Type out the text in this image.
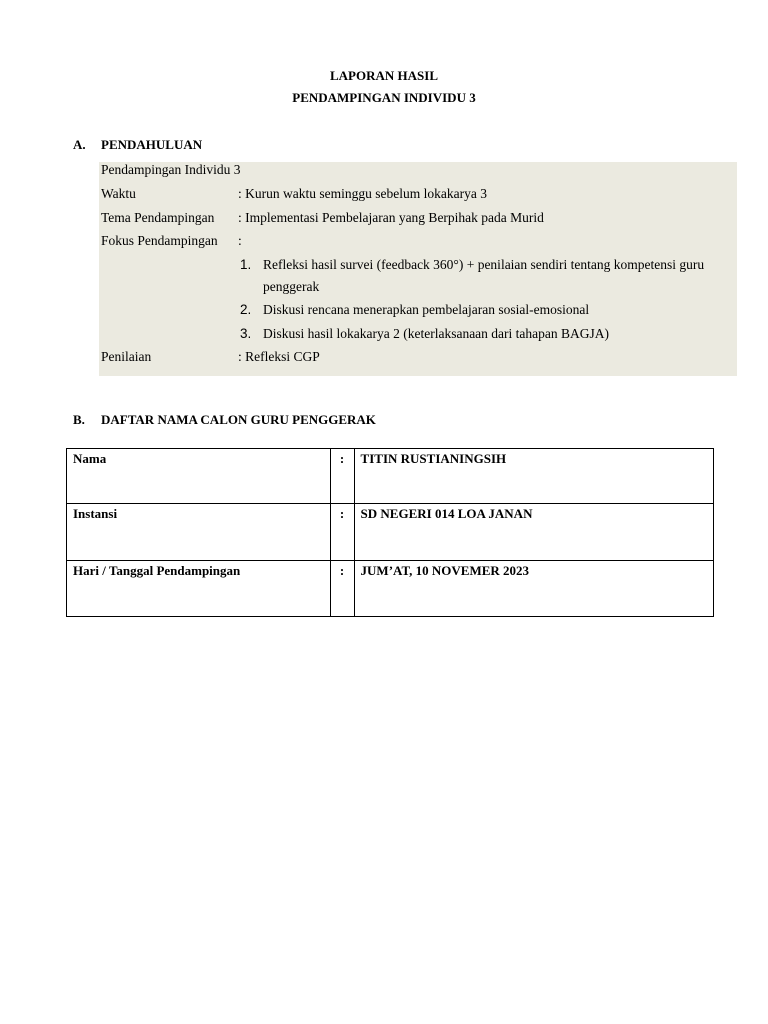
LAPORAN HASIL
PENDAMPINGAN INDIVIDU 3
A. PENDAHULUAN
Pendampingan Individu 3
Waktu	: Kurun waktu seminggu sebelum lokakarya 3
Tema Pendampingan : Implementasi Pembelajaran yang Berpihak pada Murid
Fokus Pendampingan :
1. Refleksi hasil survei (feedback 360°) + penilaian sendiri tentang kompetensi guru
penggerak
2. Diskusi rencana menerapkan pembelajaran sosial-emosional
3. Diskusi hasil lokakarya 2 (keterlaksanaan dari tahapan BAGJA)
Penilaian	: Refleksi CGP
B. DAFTAR NAMA CALON GURU PENGGERAK
Nama	:	TITIN RUSTIANINGSIH
Instansi	:	SD NEGERI 014 LOA JANAN
Hari / Tanggal Pendampingan	:	JUM’AT, 10 NOVEMER 2023
